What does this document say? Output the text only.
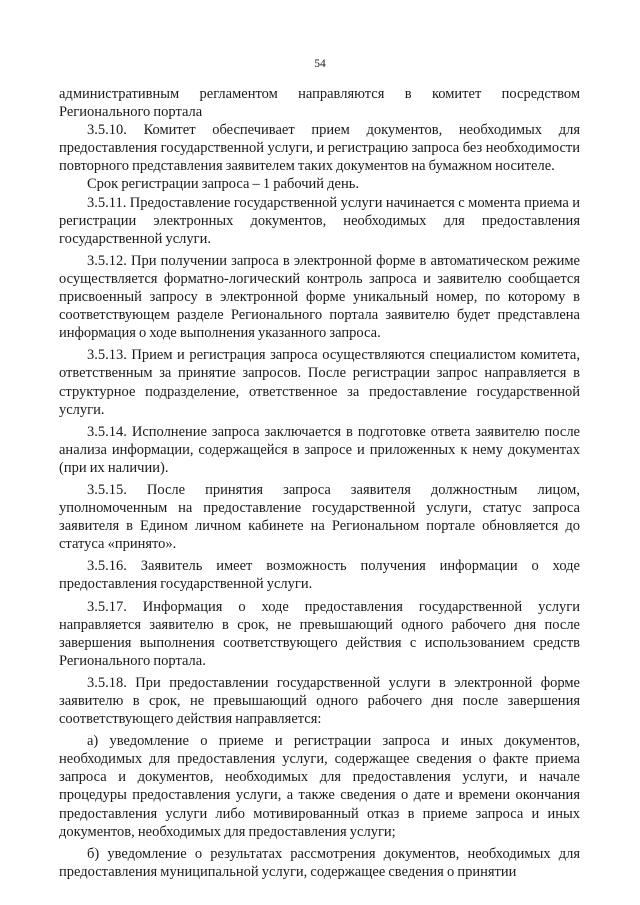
54

административным регламентом направляются в комитет посредством Регионального портала

3.5.10. Комитет обеспечивает прием документов, необходимых для предоставления государственной услуги, и регистрацию запроса без необходимости повторного представления заявителем таких документов на бумажном носителе.

Срок регистрации запроса – 1 рабочий день.

3.5.11. Предоставление государственной услуги начинается с момента приема и регистрации электронных документов, необходимых для предоставления государственной услуги.

3.5.12. При получении запроса в электронной форме в автоматическом режиме осуществляется форматно-логический контроль запроса и заявителю сообщается присвоенный запросу в электронной форме уникальный номер, по которому в соответствующем разделе Регионального портала заявителю будет представлена информация о ходе выполнения указанного запроса.

3.5.13. Прием и регистрация запроса осуществляются специалистом комитета, ответственным за принятие запросов. После регистрации запрос направляется в структурное подразделение, ответственное за предоставление государственной услуги.

3.5.14. Исполнение запроса заключается в подготовке ответа заявителю после анализа информации, содержащейся в запросе и приложенных к нему документах (при их наличии).

3.5.15. После принятия запроса заявителя должностным лицом, уполномоченным на предоставление государственной услуги, статус запроса заявителя в Едином личном кабинете на Региональном портале обновляется до статуса «принято».

3.5.16. Заявитель имеет возможность получения информации о ходе предоставления государственной услуги.

3.5.17. Информация о ходе предоставления государственной услуги направляется заявителю в срок, не превышающий одного рабочего дня после завершения выполнения соответствующего действия с использованием средств Регионального портала.

3.5.18. При предоставлении государственной услуги в электронной форме заявителю в срок, не превышающий одного рабочего дня после завершения соответствующего действия направляется:

а) уведомление о приеме и регистрации запроса и иных документов, необходимых для предоставления услуги, содержащее сведения о факте приема запроса и документов, необходимых для предоставления услуги, и начале процедуры предоставления услуги, а также сведения о дате и времени окончания предоставления услуги либо мотивированный отказ в приеме запроса и иных документов, необходимых для предоставления услуги;

б) уведомление о результатах рассмотрения документов, необходимых для предоставления муниципальной услуги, содержащее сведения о принятии
